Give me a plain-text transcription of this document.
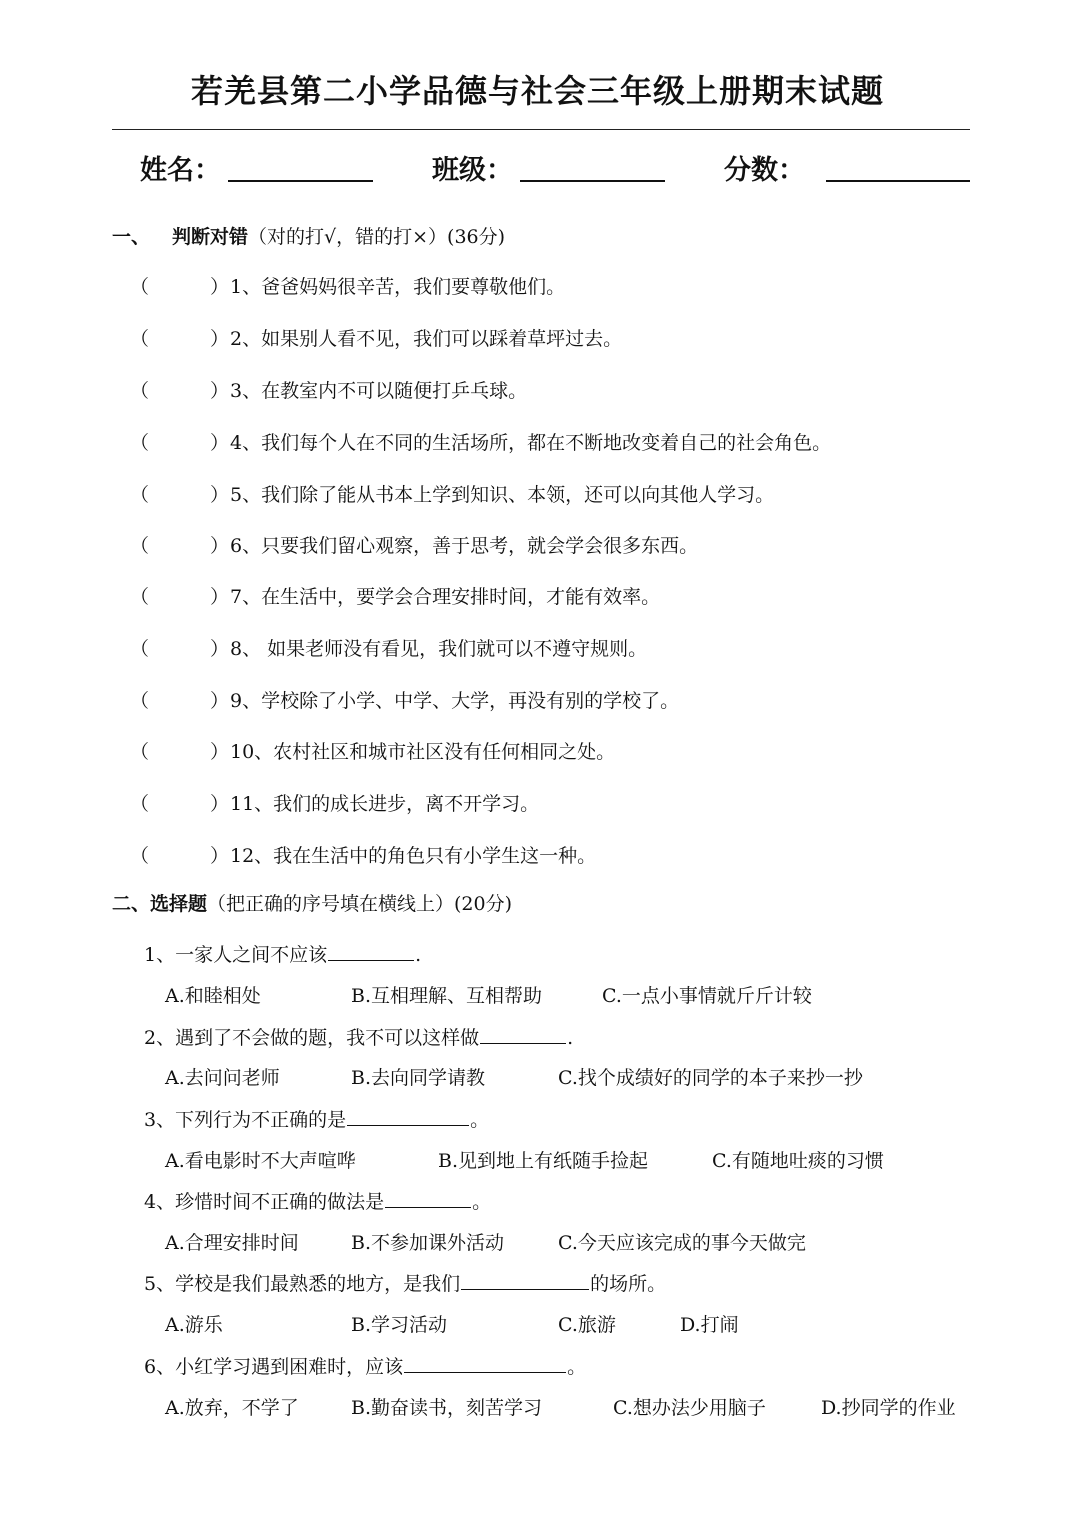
若羌县第二小学品德与社会三年级上册期末试题
姓名：	班级：	分数：
一、 判断对错（对的打√，错的打×）(36分)
（	） 1、爸爸妈妈很辛苦，我们要尊敬他们。
（	） 2、如果别人看不见，我们可以踩着草坪过去。
（	） 3、在教室内不可以随便打乒乓球。
（	） 4、我们每个人在不同的生活场所，都在不断地改变着自己的社会角色。
（	） 5、我们除了能从书本上学到知识、本领，还可以向其他人学习。
（	） 6、只要我们留心观察，善于思考，就会学会很多东西。
（	） 7、在生活中，要学会合理安排时间，才能有效率。
（	） 8、 如果老师没有看见，我们就可以不遵守规则。
（	） 9、学校除了小学、中学、大学，再没有别的学校了。
（	） 10、农村社区和城市社区没有任何相同之处。
（	） 11、我们的成长进步，离不开学习。
（	） 12、我在生活中的角色只有小学生这一种。
二、选择题（把正确的序号填在横线上）(20分)
1、一家人之间不应该	.
A.和睦相处	B.互相理解、互相帮助	C.一点小事情就斤斤计较
2、遇到了不会做的题，我不可以这样做	.
A.去问问老师	B.去向同学请教	C.找个成绩好的同学的本子来抄一抄
3、下列行为不正确的是	。
A.看电影时不大声喧哗	B.见到地上有纸随手捡起	C.有随地吐痰的习惯
4、珍惜时间不正确的做法是	。
A.合理安排时间	B.不参加课外活动	C.今天应该完成的事今天做完
5、学校是我们最熟悉的地方，是我们	的场所。
A.游乐	B.学习活动	C.旅游	D.打闹
6、小红学习遇到困难时，应该	。
A.放弃，不学了	B.勤奋读书，刻苦学习	C.想办法少用脑子	D.抄同学的作业
